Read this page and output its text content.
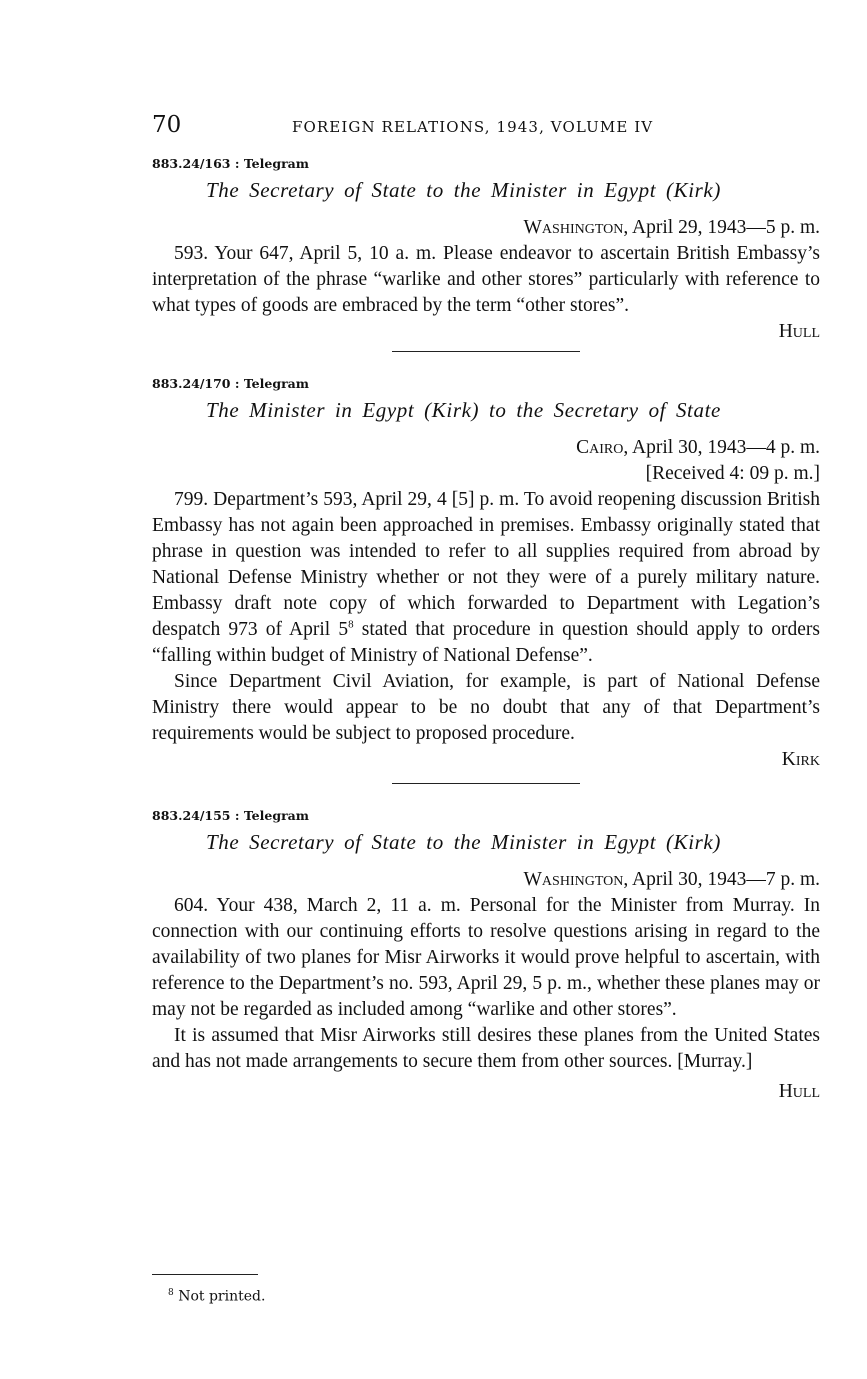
70	FOREIGN RELATIONS, 1943, VOLUME IV
883.24/163 : Telegram
The Secretary of State to the Minister in Egypt (Kirk)
Washington, April 29, 1943—5 p. m.

593. Your 647, April 5, 10 a. m. Please endeavor to ascertain British Embassy’s interpretation of the phrase “warlike and other stores” particularly with reference to what types of goods are embraced by the term “other stores”.

Hull
883.24/170 : Telegram
The Minister in Egypt (Kirk) to the Secretary of State
Cairo, April 30, 1943—4 p. m.
[Received 4: 09 p. m.]

799. Department’s 593, April 29, 4 [5] p. m. To avoid reopening discussion British Embassy has not again been approached in premises. Embassy originally stated that phrase in question was intended to refer to all supplies required from abroad by National Defense Ministry whether or not they were of a purely military nature. Embassy draft note copy of which forwarded to Department with Legation’s despatch 973 of April 5$^8$ stated that procedure in question should apply to orders “falling within budget of Ministry of National Defense”.

Since Department Civil Aviation, for example, is part of National Defense Ministry there would appear to be no doubt that any of that Department’s requirements would be subject to proposed procedure.

Kirk
883.24/155 : Telegram
The Secretary of State to the Minister in Egypt (Kirk)
Washington, April 30, 1943—7 p. m.

604. Your 438, March 2, 11 a. m. Personal for the Minister from Murray. In connection with our continuing efforts to resolve questions arising in regard to the availability of two planes for Misr Airworks it would prove helpful to ascertain, with reference to the Department’s no. 593, April 29, 5 p. m., whether these planes may or may not be regarded as included among “warlike and other stores”.

It is assumed that Misr Airworks still desires these planes from the United States and has not made arrangements to secure them from other sources. [Murray.]

Hull
$^8$ Not printed.
